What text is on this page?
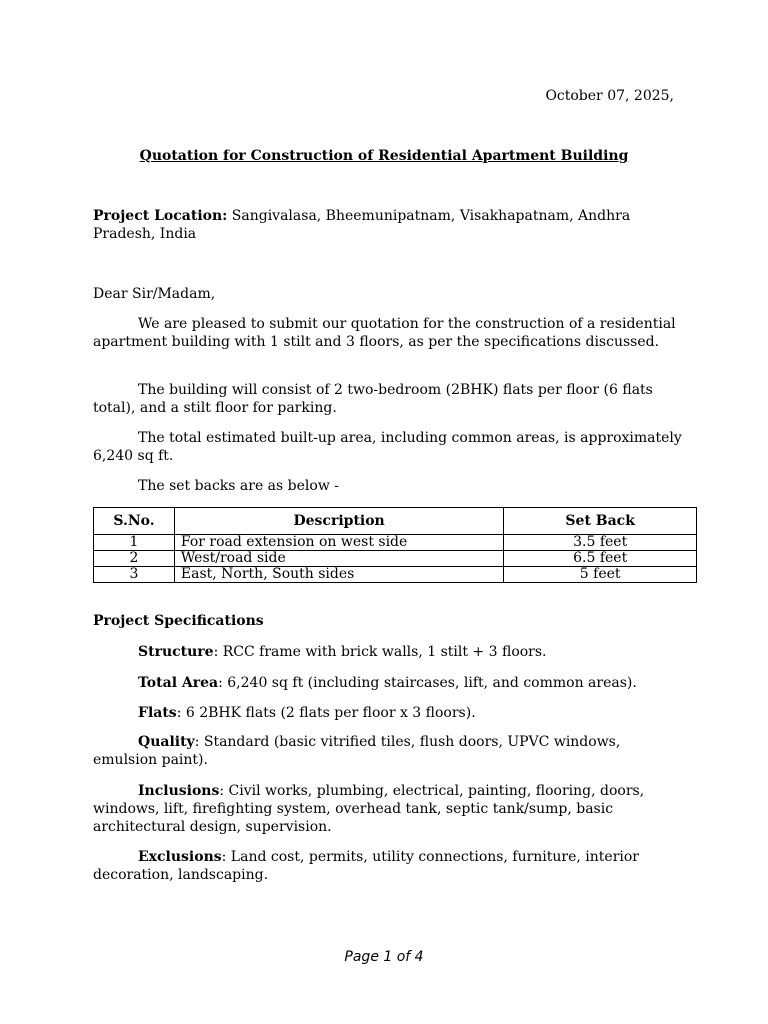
October 07, 2025,
Quotation for Construction of Residential Apartment Building
Project Location: Sangivalasa, Bheemunipatnam, Visakhapatnam, Andhra Pradesh, India
Dear Sir/Madam,
We are pleased to submit our quotation for the construction of a residential apartment building with 1 stilt and 3 floors, as per the specifications discussed.
The building will consist of 2 two-bedroom (2BHK) flats per floor (6 flats total), and a stilt floor for parking.
The total estimated built-up area, including common areas, is approximately 6,240 sq ft.
The set backs are as below -
S.No.	Description	Set Back
1	For road extension on west side	3.5 feet
2	West/road side	6.5 feet
3	East, North, South sides	5 feet
Project Specifications
Structure: RCC frame with brick walls, 1 stilt + 3 floors.
Total Area: 6,240 sq ft (including staircases, lift, and common areas).
Flats: 6 2BHK flats (2 flats per floor x 3 floors).
Quality: Standard (basic vitrified tiles, flush doors, UPVC windows, emulsion paint).
Inclusions: Civil works, plumbing, electrical, painting, flooring, doors, windows, lift, firefighting system, overhead tank, septic tank/sump, basic architectural design, supervision.
Exclusions: Land cost, permits, utility connections, furniture, interior decoration, landscaping.
Page 1 of 4
